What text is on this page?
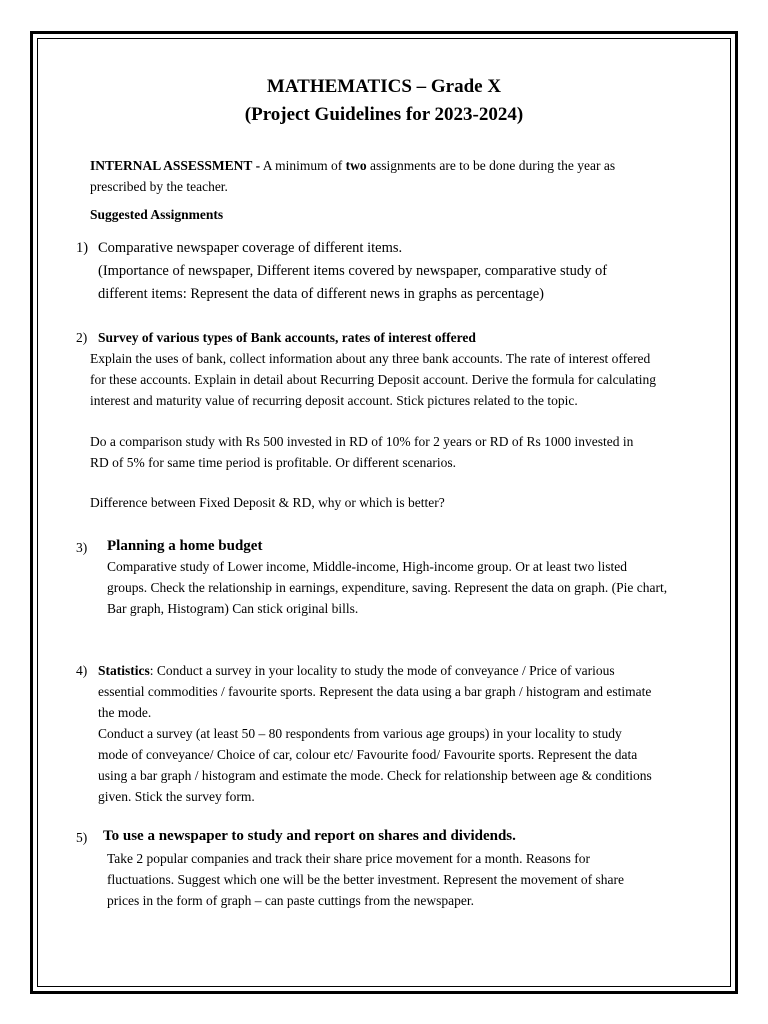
MATHEMATICS – Grade X
(Project Guidelines for 2023-2024)
INTERNAL ASSESSMENT - A minimum of two assignments are to be done during the year as
prescribed by the teacher.
Suggested Assignments
1) Comparative newspaper coverage of different items.
(Importance of newspaper, Different items covered by newspaper, comparative study of
different items: Represent the data of different news in graphs as percentage)
2) Survey of various types of Bank accounts, rates of interest offered
Explain the uses of bank, collect information about any three bank accounts. The rate of interest offered
for these accounts. Explain in detail about Recurring Deposit account. Derive the formula for calculating
interest and maturity value of recurring deposit account. Stick pictures related to the topic.
Do a comparison study with Rs 500 invested in RD of 10% for 2 years or RD of Rs 1000 invested in
RD of 5% for same time period is profitable. Or different scenarios.
Difference between Fixed Deposit & RD, why or which is better?
3) Planning a home budget
Comparative study of Lower income, Middle-income, High-income group. Or at least two listed
groups. Check the relationship in earnings, expenditure, saving. Represent the data on graph. (Pie chart,
Bar graph, Histogram) Can stick original bills.
4) Statistics: Conduct a survey in your locality to study the mode of conveyance / Price of various
essential commodities / favourite sports. Represent the data using a bar graph / histogram and estimate
the mode.
Conduct a survey (at least 50 – 80 respondents from various age groups) in your locality to study
mode of conveyance/ Choice of car, colour etc/ Favourite food/ Favourite sports. Represent the data
using a bar graph / histogram and estimate the mode. Check for relationship between age & conditions
given. Stick the survey form.
5) To use a newspaper to study and report on shares and dividends.
Take 2 popular companies and track their share price movement for a month. Reasons for
fluctuations. Suggest which one will be the better investment. Represent the movement of share
prices in the form of graph – can paste cuttings from the newspaper.
